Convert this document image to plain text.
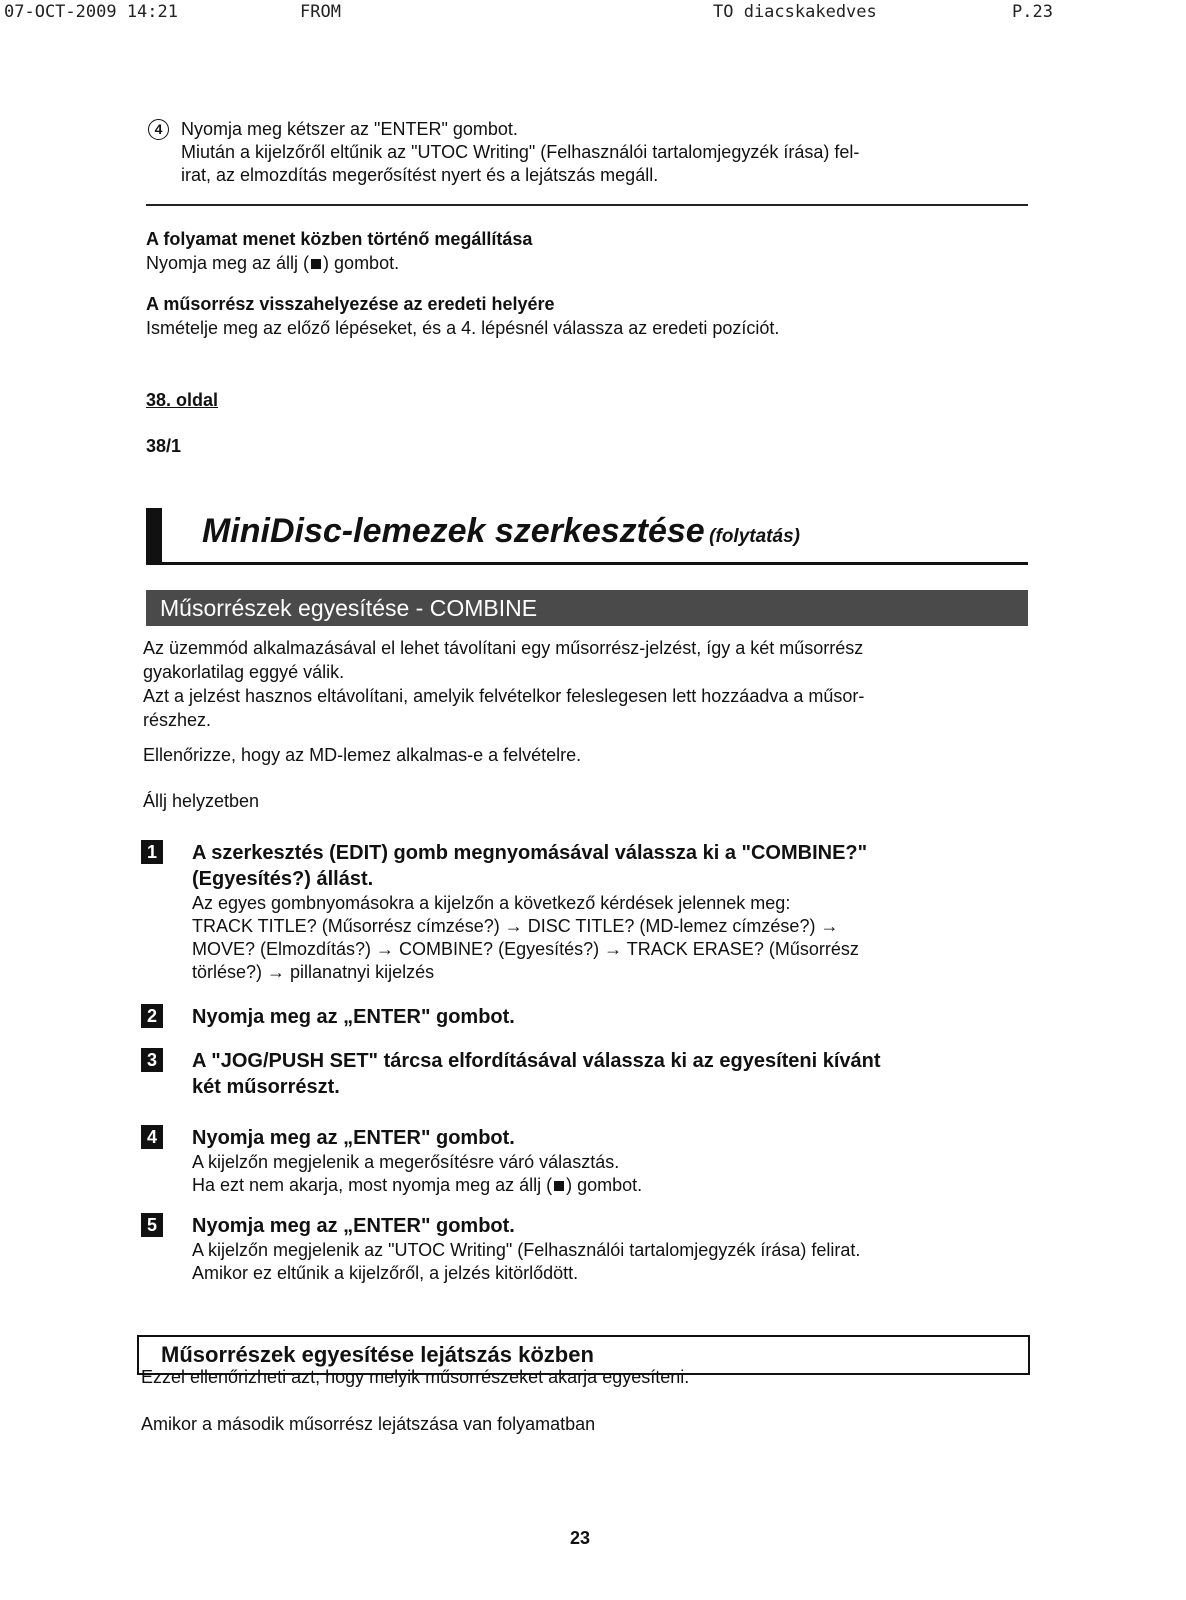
07-OCT-2009 14:21	FROM	TO diacskakedves	P.23
4	Nyomja meg kétszer az "ENTER" gombot.
Miután a kijelzőről eltűnik az "UTOC Writing" (Felhasználói tartalomjegyzék írása) fel-
irat, az elmozdítás megerősítést nyert és a lejátszás megáll.
A folyamat menet közben történő megállítása
Nyomja meg az állj ( ) gombot.
A műsorrész visszahelyezése az eredeti helyére
Ismételje meg az előző lépéseket, és a 4. lépésnél válassza az eredeti pozíciót.
38. oldal
38/1
MiniDisc-lemezek szerkesztése (folytatás)
Műsorrészek egyesítése - COMBINE
Az üzemmód alkalmazásával el lehet távolítani egy műsorrész-jelzést, így a két műsorrész
gyakorlatilag eggyé válik.
Azt a jelzést hasznos eltávolítani, amelyik felvételkor feleslegesen lett hozzáadva a műsor-
részhez.
Ellenőrizze, hogy az MD-lemez alkalmas-e a felvételre.
Állj helyzetben
1	A szerkesztés (EDIT) gomb megnyomásával válassza ki a "COMBINE?"
(Egyesítés?) állást.
Az egyes gombnyomásokra a kijelzőn a következő kérdések jelennek meg:
TRACK TITLE? (Műsorrész címzése?) → DISC TITLE? (MD-lemez címzése?) →
MOVE? (Elmozdítás?) → COMBINE? (Egyesítés?) → TRACK ERASE? (Műsorrész
törlése?) → pillanatnyi kijelzés
2	Nyomja meg az „ENTER" gombot.
3	A "JOG/PUSH SET" tárcsa elfordításával válassza ki az egyesíteni kívánt
két műsorrészt.
4	Nyomja meg az „ENTER" gombot.
A kijelzőn megjelenik a megerősítésre váró választás.
Ha ezt nem akarja, most nyomja meg az állj ( ) gombot.
5	Nyomja meg az „ENTER" gombot.
A kijelzőn megjelenik az "UTOC Writing" (Felhasználói tartalomjegyzék írása) felirat.
Amikor ez eltűnik a kijelzőről, a jelzés kitörlődött.
Műsorrészek egyesítése lejátszás közben
Ezzel ellenőrizheti azt, hogy melyik műsorrészeket akarja egyesíteni.
Amikor a második műsorrész lejátszása van folyamatban
23
